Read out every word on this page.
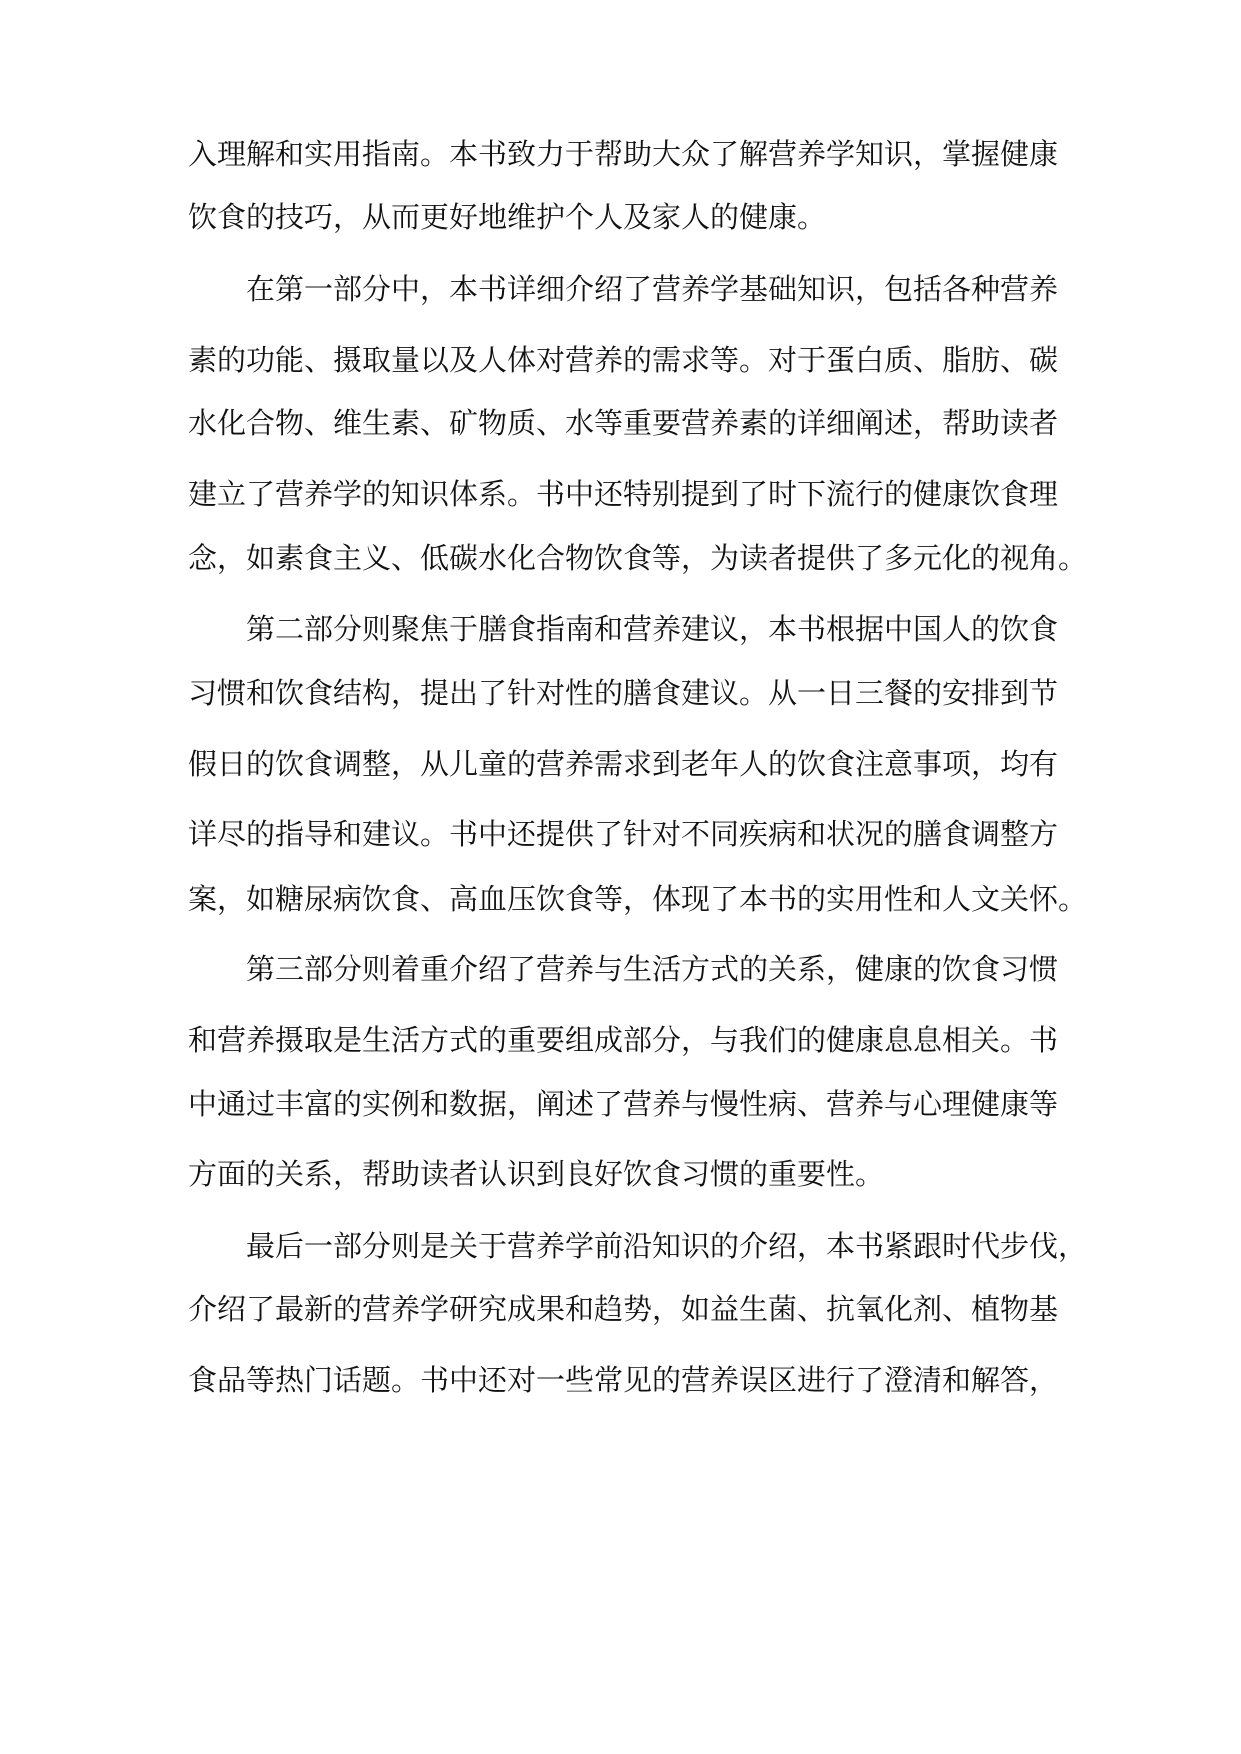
入理解和实用指南。本书致力于帮助大众了解营养学知识，掌握健康
饮食的技巧，从而更好地维护个人及家人的健康。
在第一部分中，本书详细介绍了营养学基础知识，包括各种营养
素的功能、摄取量以及人体对营养的需求等。对于蛋白质、脂肪、碳
水化合物、维生素、矿物质、水等重要营养素的详细阐述，帮助读者
建立了营养学的知识体系。书中还特别提到了时下流行的健康饮食理
念，如素食主义、低碳水化合物饮食等，为读者提供了多元化的视角。
第二部分则聚焦于膳食指南和营养建议，本书根据中国人的饮食
习惯和饮食结构，提出了针对性的膳食建议。从一日三餐的安排到节
假日的饮食调整，从儿童的营养需求到老年人的饮食注意事项，均有
详尽的指导和建议。书中还提供了针对不同疾病和状况的膳食调整方
案，如糖尿病饮食、高血压饮食等，体现了本书的实用性和人文关怀。
第三部分则着重介绍了营养与生活方式的关系，健康的饮食习惯
和营养摄取是生活方式的重要组成部分，与我们的健康息息相关。书
中通过丰富的实例和数据，阐述了营养与慢性病、营养与心理健康等
方面的关系，帮助读者认识到良好饮食习惯的重要性。
最后一部分则是关于营养学前沿知识的介绍，本书紧跟时代步伐，
介绍了最新的营养学研究成果和趋势，如益生菌、抗氧化剂、植物基
食品等热门话题。书中还对一些常见的营养误区进行了澄清和解答，
